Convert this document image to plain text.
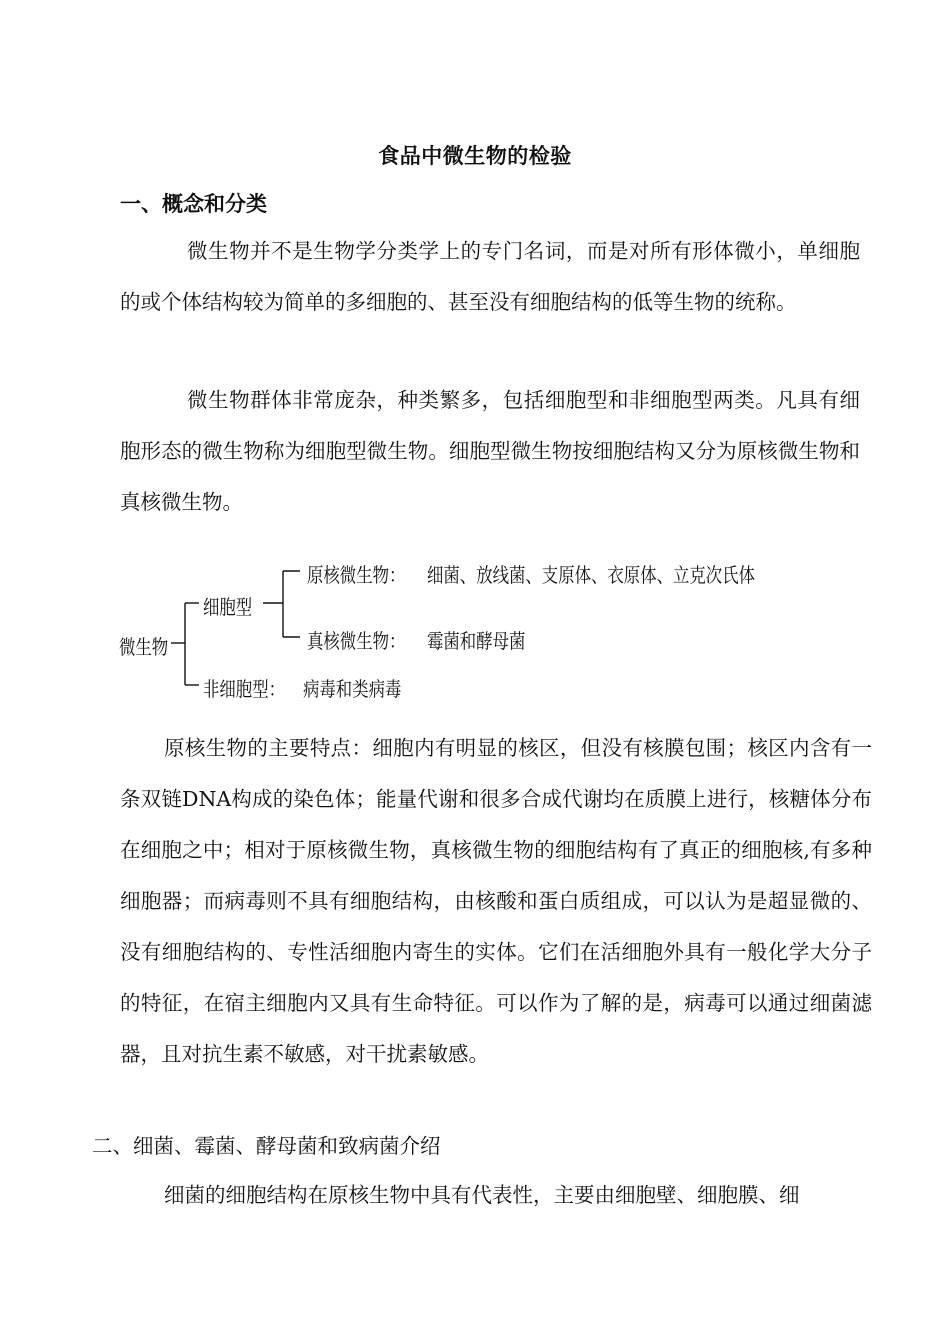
食品中微生物的检验
一、概念和分类

微生物并不是生物学分类学上的专门名词，而是对所有形体微小，单细胞的或个体结构较为简单的多细胞的、甚至没有细胞结构的低等生物的统称。

微生物群体非常庞杂，种类繁多，包括细胞型和非细胞型两类。凡具有细胞形态的微生物称为细胞型微生物。细胞型微生物按细胞结构又分为原核微生物和真核微生物。

微生物
细胞型
原核微生物： 细菌、放线菌、支原体、衣原体、立克次氏体
真核微生物： 霉菌和酵母菌
非细胞型： 病毒和类病毒

原核生物的主要特点：细胞内有明显的核区，但没有核膜包围；核区内含有一条双链DNA构成的染色体；能量代谢和很多合成代谢均在质膜上进行，核糖体分布在细胞之中；相对于原核微生物，真核微生物的细胞结构有了真正的细胞核,有多种细胞器；而病毒则不具有细胞结构，由核酸和蛋白质组成，可以认为是超显微的、没有细胞结构的、专性活细胞内寄生的实体。它们在活细胞外具有一般化学大分子的特征，在宿主细胞内又具有生命特征。可以作为了解的是，病毒可以通过细菌滤器，且对抗生素不敏感，对干扰素敏感。

二、细菌、霉菌、酵母菌和致病菌介绍

细菌的细胞结构在原核生物中具有代表性，主要由细胞壁、细胞膜、细
